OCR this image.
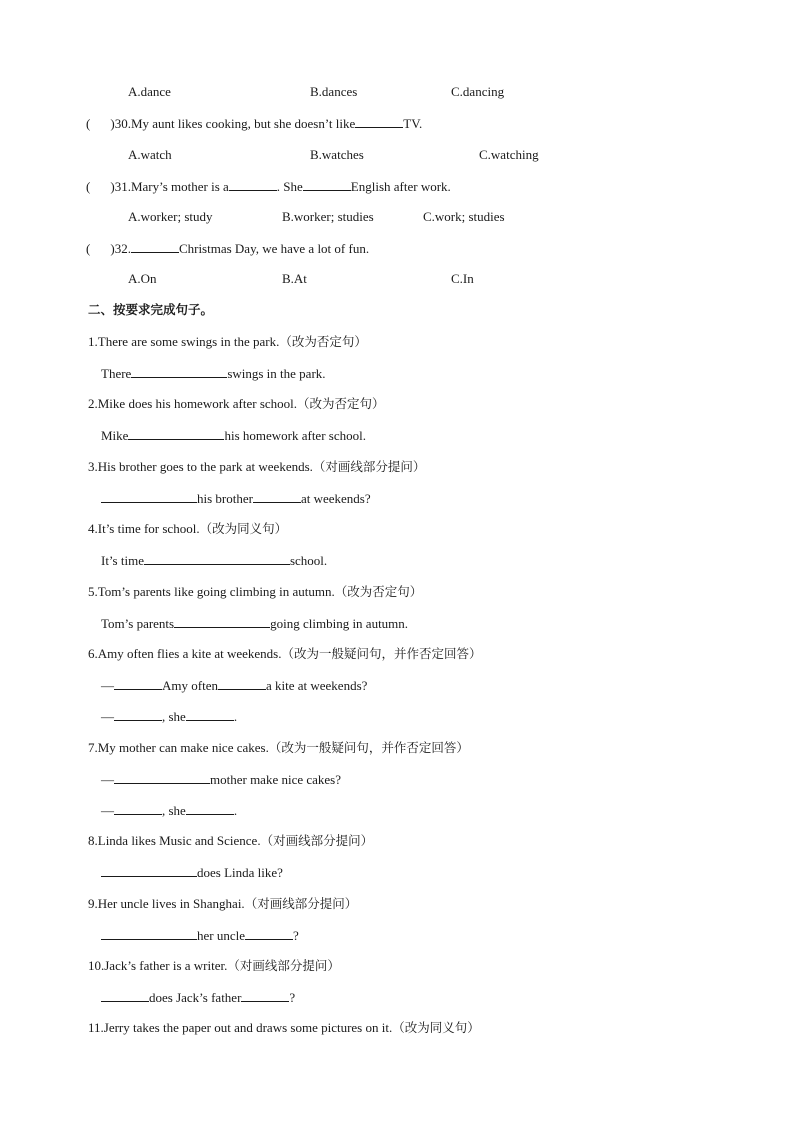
A.dance	B.dances	C.dancing
( )30.My aunt likes cooking, but she doesn’t like	TV.
A.watch	B.watches	C.watching
( )31.Mary’s mother is a	. She	English after work.
A.worker; study	B.worker; studies	C.work; studies
( )32.	Christmas Day, we have a lot of fun.
A.On	B.At	C.In
二、按要求完成句子。
1.There are some swings in the park.（改为否定句）
There	swings in the park.
2.Mike does his homework after school.（改为否定句）
Mike	his homework after school.
3.His brother goes to the park at weekends.（对画线部分提问）
his brother	at weekends?
4.It’s time for school.（改为同义句）
It’s time	school.
5.Tom’s parents like going climbing in autumn.（改为否定句）
Tom’s parents	going climbing in autumn.
6.Amy often flies a kite at weekends.（改为一般疑问句，并作否定回答）
—	Amy often	a kite at weekends?
—	, she	.
7.My mother can make nice cakes.（改为一般疑问句，并作否定回答）
—	mother make nice cakes?
—	, she	.
8.Linda likes Music and Science.（对画线部分提问）
does Linda like?
9.Her uncle lives in Shanghai.（对画线部分提问）
her uncle	?
10.Jack’s father is a writer.（对画线部分提问）
does Jack’s father	?
11.Jerry takes the paper out and draws some pictures on it.（改为同义句）
